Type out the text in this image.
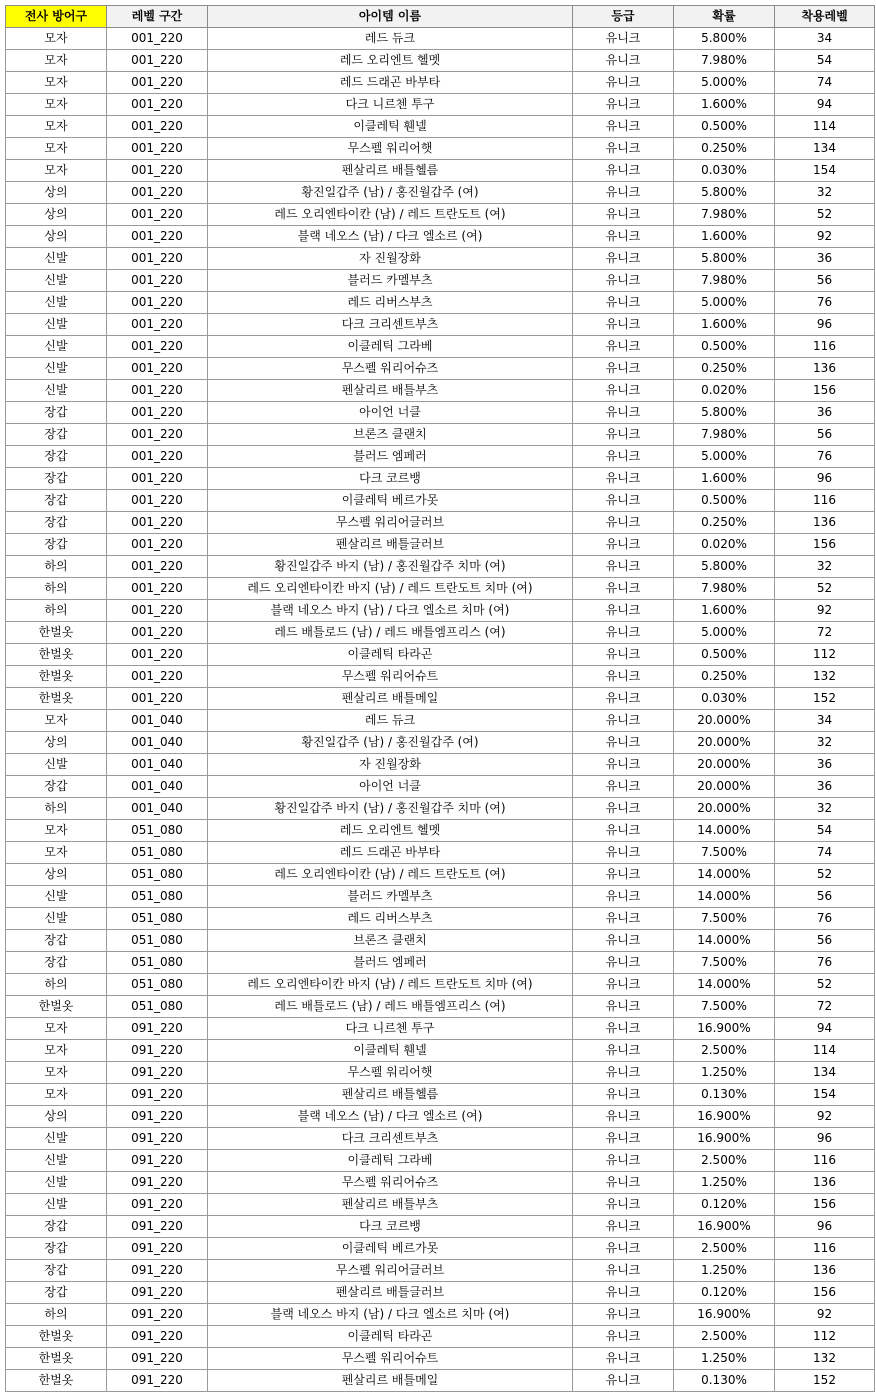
전사 방어구	레벨 구간	아이템 이름	등급	확률	착용레벨
모자	001_220	레드 듀크	유니크	5.800%	34
모자	001_220	레드 오리엔트 헬멧	유니크	7.980%	54
모자	001_220	레드 드래곤 바부타	유니크	5.000%	74
모자	001_220	다크 니르첸 투구	유니크	1.600%	94
모자	001_220	이클레틱 휀넬	유니크	0.500%	114
모자	001_220	무스펠 워리어햇	유니크	0.250%	134
모자	001_220	펜살리르 배틀헬름	유니크	0.030%	154
상의	001_220	황진일갑주 (남) / 홍진월갑주 (여)	유니크	5.800%	32
상의	001_220	레드 오리엔타이칸 (남) / 레드 트란도트 (여)	유니크	7.980%	52
상의	001_220	블랙 네오스 (남) / 다크 엘소르 (여)	유니크	1.600%	92
신발	001_220	자 진월장화	유니크	5.800%	36
신발	001_220	블러드 카멜부츠	유니크	7.980%	56
신발	001_220	레드 리버스부츠	유니크	5.000%	76
신발	001_220	다크 크리센트부츠	유니크	1.600%	96
신발	001_220	이클레틱 그라베	유니크	0.500%	116
신발	001_220	무스펠 워리어슈즈	유니크	0.250%	136
신발	001_220	펜살리르 배틀부츠	유니크	0.020%	156
장갑	001_220	아이언 너클	유니크	5.800%	36
장갑	001_220	브론즈 클랜치	유니크	7.980%	56
장갑	001_220	블러드 엠페러	유니크	5.000%	76
장갑	001_220	다크 코르뱅	유니크	1.600%	96
장갑	001_220	이클레틱 베르가못	유니크	0.500%	116
장갑	001_220	무스펠 워리어글러브	유니크	0.250%	136
장갑	001_220	펜살리르 배틀글러브	유니크	0.020%	156
하의	001_220	황진일갑주 바지 (남) / 홍진월갑주 치마 (여)	유니크	5.800%	32
하의	001_220	레드 오리엔타이칸 바지 (남) / 레드 트란도트 치마 (여)	유니크	7.980%	52
하의	001_220	블랙 네오스 바지 (남) / 다크 엘소르 치마 (여)	유니크	1.600%	92
한벌옷	001_220	레드 배틀로드 (남) / 레드 배틀엠프리스 (여)	유니크	5.000%	72
한벌옷	001_220	이클레틱 타라곤	유니크	0.500%	112
한벌옷	001_220	무스펠 워리어슈트	유니크	0.250%	132
한벌옷	001_220	펜살리르 배틀메일	유니크	0.030%	152
모자	001_040	레드 듀크	유니크	20.000%	34
상의	001_040	황진일갑주 (남) / 홍진월갑주 (여)	유니크	20.000%	32
신발	001_040	자 진월장화	유니크	20.000%	36
장갑	001_040	아이언 너클	유니크	20.000%	36
하의	001_040	황진일갑주 바지 (남) / 홍진월갑주 치마 (여)	유니크	20.000%	32
모자	051_080	레드 오리엔트 헬멧	유니크	14.000%	54
모자	051_080	레드 드래곤 바부타	유니크	7.500%	74
상의	051_080	레드 오리엔타이칸 (남) / 레드 트란도트 (여)	유니크	14.000%	52
신발	051_080	블러드 카멜부츠	유니크	14.000%	56
신발	051_080	레드 리버스부츠	유니크	7.500%	76
장갑	051_080	브론즈 클랜치	유니크	14.000%	56
장갑	051_080	블러드 엠페러	유니크	7.500%	76
하의	051_080	레드 오리엔타이칸 바지 (남) / 레드 트란도트 치마 (여)	유니크	14.000%	52
한벌옷	051_080	레드 배틀로드 (남) / 레드 배틀엠프리스 (여)	유니크	7.500%	72
모자	091_220	다크 니르첸 투구	유니크	16.900%	94
모자	091_220	이클레틱 휀넬	유니크	2.500%	114
모자	091_220	무스펠 워리어햇	유니크	1.250%	134
모자	091_220	펜살리르 배틀헬름	유니크	0.130%	154
상의	091_220	블랙 네오스 (남) / 다크 엘소르 (여)	유니크	16.900%	92
신발	091_220	다크 크리센트부츠	유니크	16.900%	96
신발	091_220	이클레틱 그라베	유니크	2.500%	116
신발	091_220	무스펠 워리어슈즈	유니크	1.250%	136
신발	091_220	펜살리르 배틀부츠	유니크	0.120%	156
장갑	091_220	다크 코르뱅	유니크	16.900%	96
장갑	091_220	이클레틱 베르가못	유니크	2.500%	116
장갑	091_220	무스펠 워리어글러브	유니크	1.250%	136
장갑	091_220	펜살리르 배틀글러브	유니크	0.120%	156
하의	091_220	블랙 네오스 바지 (남) / 다크 엘소르 치마 (여)	유니크	16.900%	92
한벌옷	091_220	이클레틱 타라곤	유니크	2.500%	112
한벌옷	091_220	무스펠 워리어슈트	유니크	1.250%	132
한벌옷	091_220	펜살리르 배틀메일	유니크	0.130%	152
